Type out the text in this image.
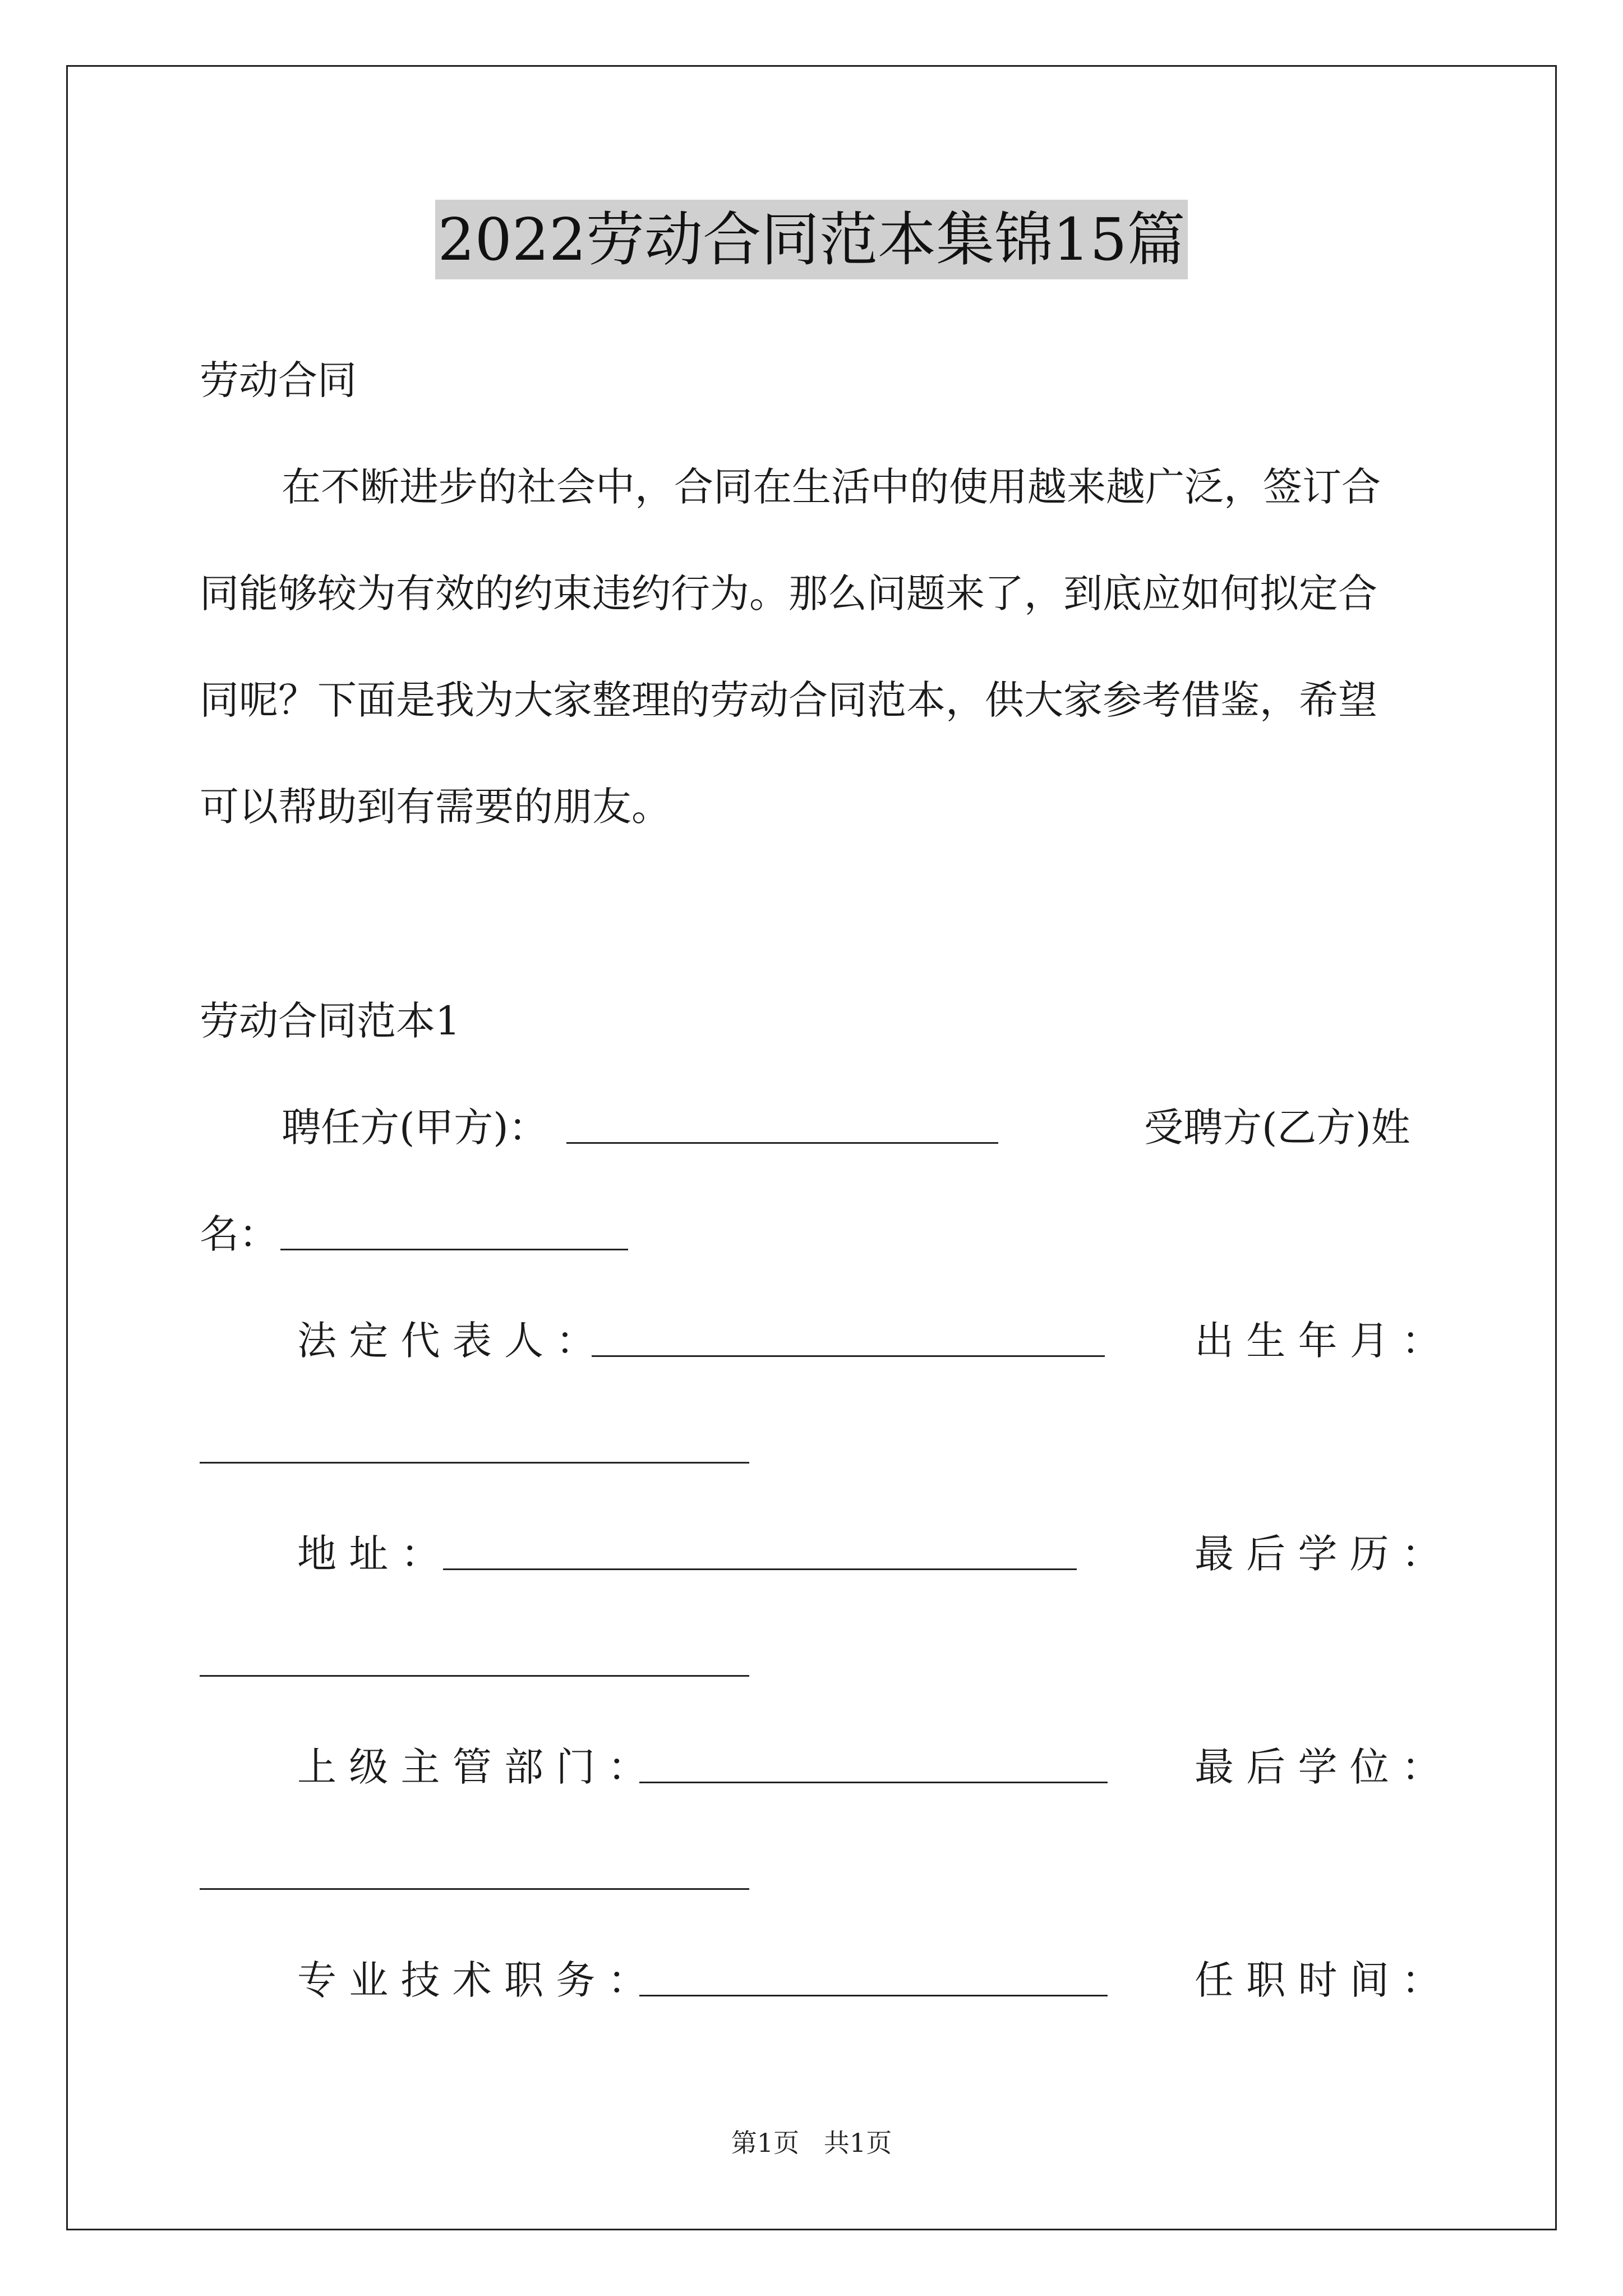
2022劳动合同范本集锦15篇
劳动合同
在不断进步的社会中，合同在生活中的使用越来越广泛，签订合
同能够较为有效的约束违约行为。那么问题来了，到底应如何拟定合
同呢？下面是我为大家整理的劳动合同范本，供大家参考借鉴，希望
可以帮助到有需要的朋友。
劳动合同范本1
聘任方(甲方)：	受聘方(乙方)姓
名：
法 定 代 表 人 ：	出 生 年 月 ：
地 址 ：	最 后 学 历 ：
上 级 主 管 部 门 ：	最 后 学 位 ：
专 业 技 术 职 务 ：	任 职 时 间 ：
第1页   共1页
